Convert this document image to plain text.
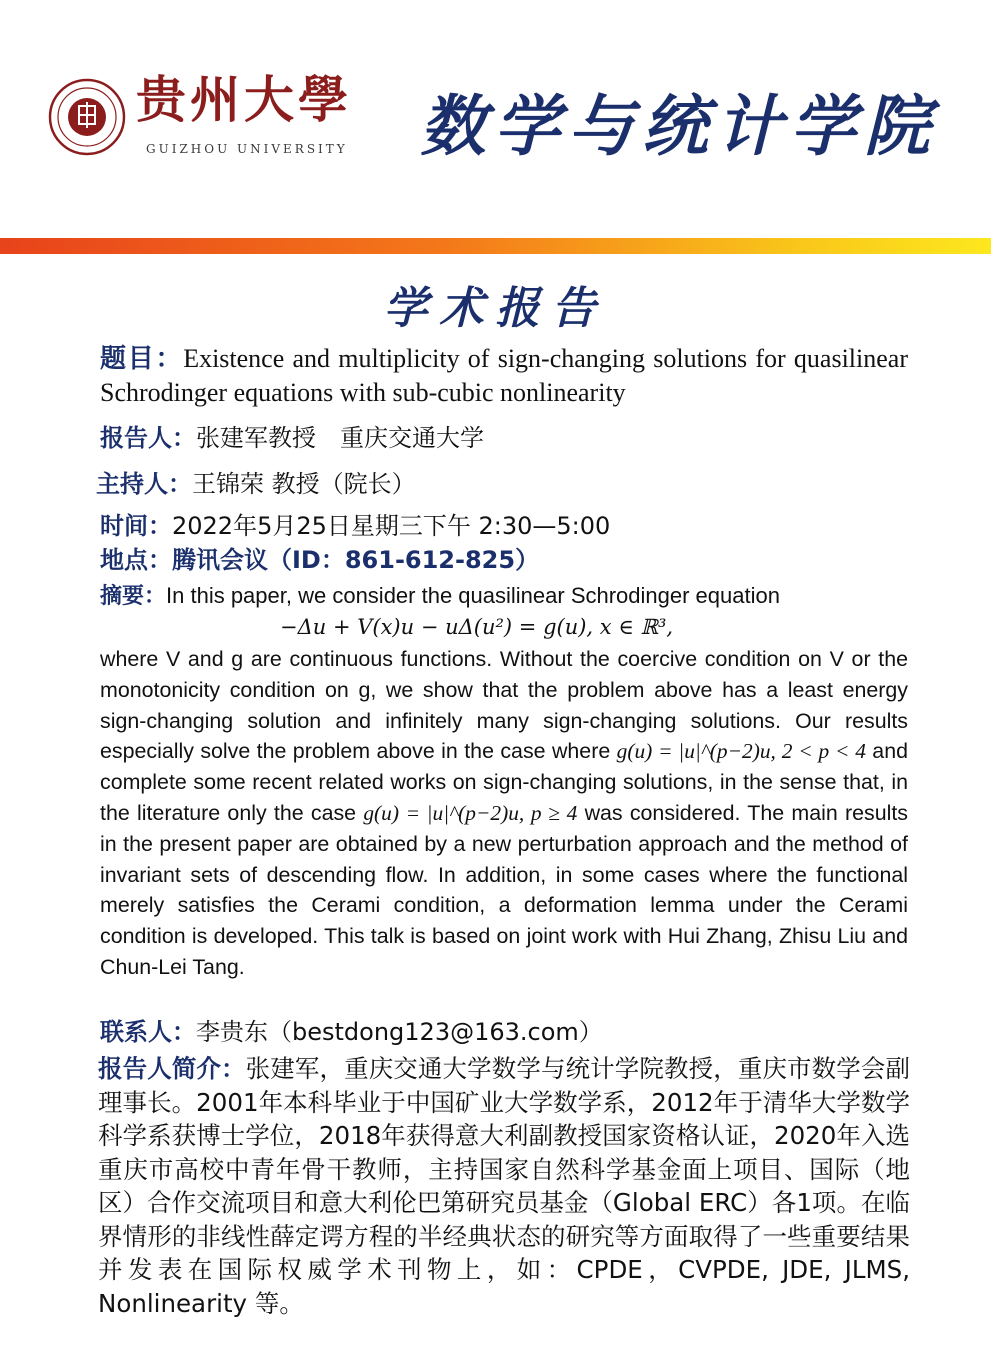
贵州大學
GUIZHOU UNIVERSITY 数学与统计学院
学术报告
题目：Existence and multiplicity of sign-changing solutions for quasilinear Schrodinger equations with sub-cubic nonlinearity
报告人：张建军教授　重庆交通大学
主持人：王锦荣 教授（院长）
时间：2022年5月25日星期三下午 2:30—5:00
地点：腾讯会议（ID：861-612-825）
摘要：In this paper, we consider the quasilinear Schrodinger equation
−Δu + V(x)u − uΔ(u²) = g(u), x ∈ ℝ³,
where V and g are continuous functions. Without the coercive condition on V or the monotonicity condition on g, we show that the problem above has a least energy sign-changing solution and infinitely many sign-changing solutions. Our results especially solve the problem above in the case where g(u) = |u|^(p−2)u, 2 < p < 4 and complete some recent related works on sign-changing solutions, in the sense that, in the literature only the case g(u) = |u|^(p−2)u, p ≥ 4 was considered. The main results in the present paper are obtained by a new perturbation approach and the method of invariant sets of descending flow. In addition, in some cases where the functional merely satisfies the Cerami condition, a deformation lemma under the Cerami condition is developed. This talk is based on joint work with Hui Zhang, Zhisu Liu and Chun-Lei Tang.
联系人：李贵东（bestdong123@163.com）
报告人简介：张建军，重庆交通大学数学与统计学院教授，重庆市数学会副理事长。2001年本科毕业于中国矿业大学数学系，2012年于清华大学数学科学系获博士学位，2018年获得意大利副教授国家资格认证，2020年入选重庆市高校中青年骨干教师，主持国家自然科学基金面上项目、国际（地区）合作交流项目和意大利伦巴第研究员基金（Global ERC）各1项。在临界情形的非线性薛定谔方程的半经典状态的研究等方面取得了一些重要结果并发表在国际权威学术刊物上，如：CPDE，CVPDE, JDE, JLMS, Nonlinearity 等。
